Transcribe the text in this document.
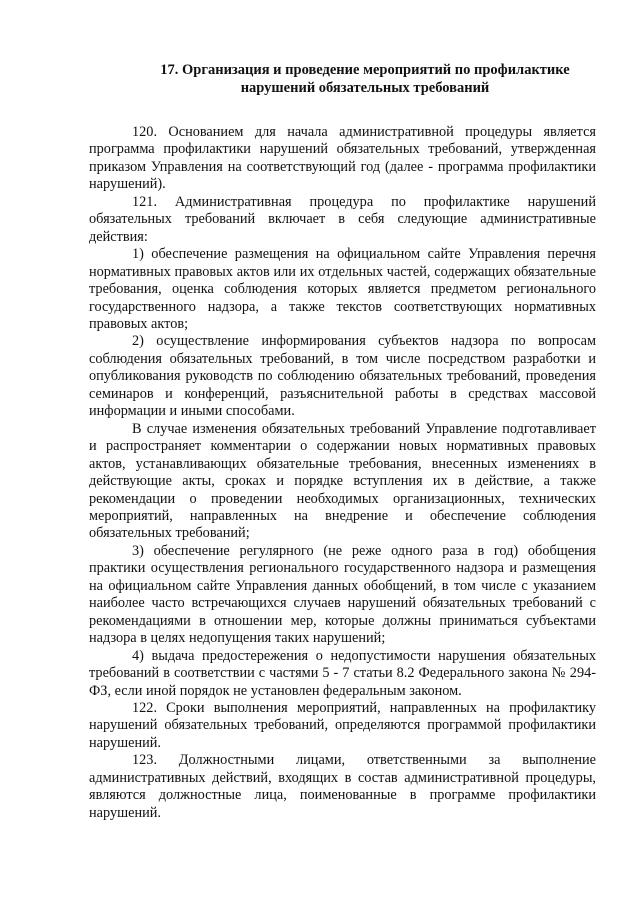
17. Организация и проведение мероприятий по профилактике
нарушений обязательных требований

120. Основанием для начала административной процедуры является программа профилактики нарушений обязательных требований, утвержденная приказом Управления на соответствующий год (далее - программа профилактики нарушений).

121. Административная процедура по профилактике нарушений обязательных требований включает в себя следующие административные действия:

1) обеспечение размещения на официальном сайте Управления перечня нормативных правовых актов или их отдельных частей, содержащих обязательные требования, оценка соблюдения которых является предметом регионального государственного надзора, а также текстов соответствующих нормативных правовых актов;

2) осуществление информирования субъектов надзора по вопросам соблюдения обязательных требований, в том числе посредством разработки и опубликования руководств по соблюдению обязательных требований, проведения семинаров и конференций, разъяснительной работы в средствах массовой информации и иными способами.

В случае изменения обязательных требований Управление подготавливает и распространяет комментарии о содержании новых нормативных правовых актов, устанавливающих обязательные требования, внесенных изменениях в действующие акты, сроках и порядке вступления их в действие, а также рекомендации о проведении необходимых организационных, технических мероприятий, направленных на внедрение и обеспечение соблюдения обязательных требований;

3) обеспечение регулярного (не реже одного раза в год) обобщения практики осуществления регионального государственного надзора и размещения на официальном сайте Управления данных обобщений, в том числе с указанием наиболее часто встречающихся случаев нарушений обязательных требований с рекомендациями в отношении мер, которые должны приниматься субъектами надзора в целях недопущения таких нарушений;

4) выдача предостережения о недопустимости нарушения обязательных требований в соответствии с частями 5 - 7 статьи 8.2 Федерального закона № 294-ФЗ, если иной порядок не установлен федеральным законом.

122. Сроки выполнения мероприятий, направленных на профилактику нарушений обязательных требований, определяются программой профилактики нарушений.

123. Должностными лицами, ответственными за выполнение административных действий, входящих в состав административной процедуры, являются должностные лица, поименованные в программе профилактики нарушений.
